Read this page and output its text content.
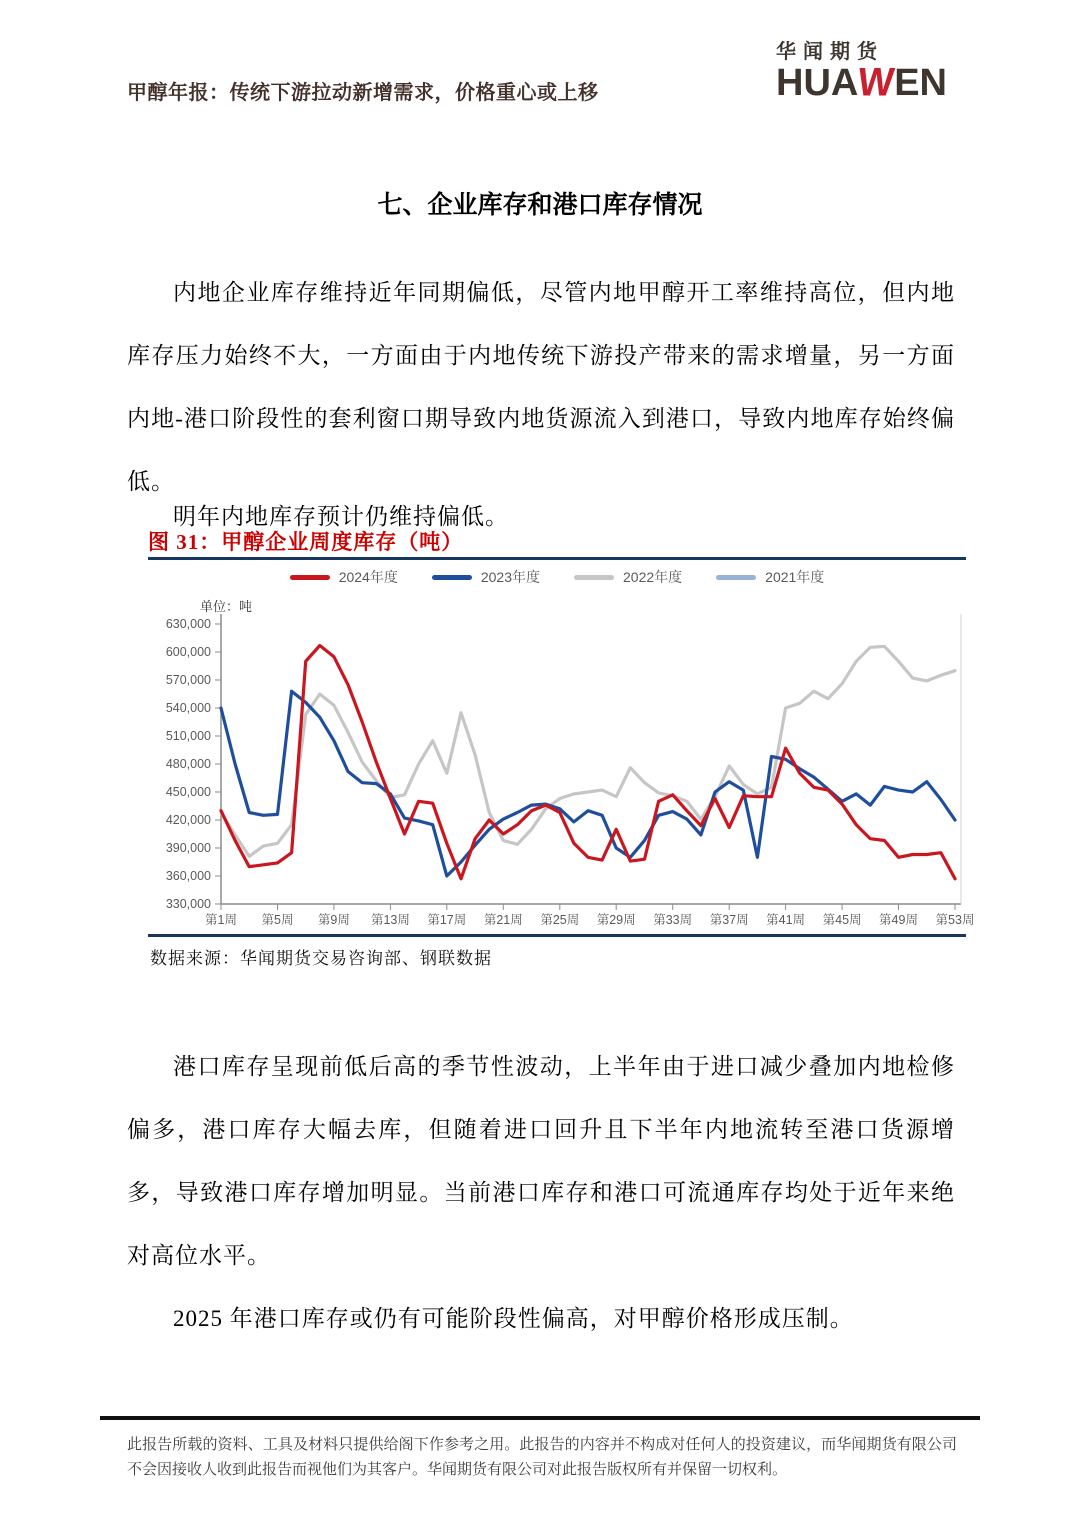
甲醇年报：传统下游拉动新增需求，价格重心或上移
华闻期货
HUAWEN
七、企业库存和港口库存情况

内地企业库存维持近年同期偏低，尽管内地甲醇开工率维持高位，但内地库存压力始终不大，一方面由于内地传统下游投产带来的需求增量，另一方面内地-港口阶段性的套利窗口期导致内地货源流入到港口，导致内地库存始终偏低。

明年内地库存预计仍维持偏低。

图 31：甲醇企业周度库存（吨）
2024年度	2023年度	2022年度	2021年度
单位：吨
630,000
600,000
570,000
540,000
510,000
480,000
450,000
420,000
390,000
360,000
330,000
第1周 第5周 第9周 第13周 第17周 第21周 第25周 第29周 第33周 第37周 第41周 第45周 第49周 第53周
数据来源：华闻期货交易咨询部、钢联数据

港口库存呈现前低后高的季节性波动，上半年由于进口减少叠加内地检修偏多，港口库存大幅去库，但随着进口回升且下半年内地流转至港口货源增多，导致港口库存增加明显。当前港口库存和港口可流通库存均处于近年来绝对高位水平。

2025 年港口库存或仍有可能阶段性偏高，对甲醇价格形成压制。

此报告所载的资料、工具及材料只提供给阁下作参考之用。此报告的内容并不构成对任何人的投资建议，而华闻期货有限公司不会因接收人收到此报告而视他们为其客户。华闻期货有限公司对此报告版权所有并保留一切权利。
